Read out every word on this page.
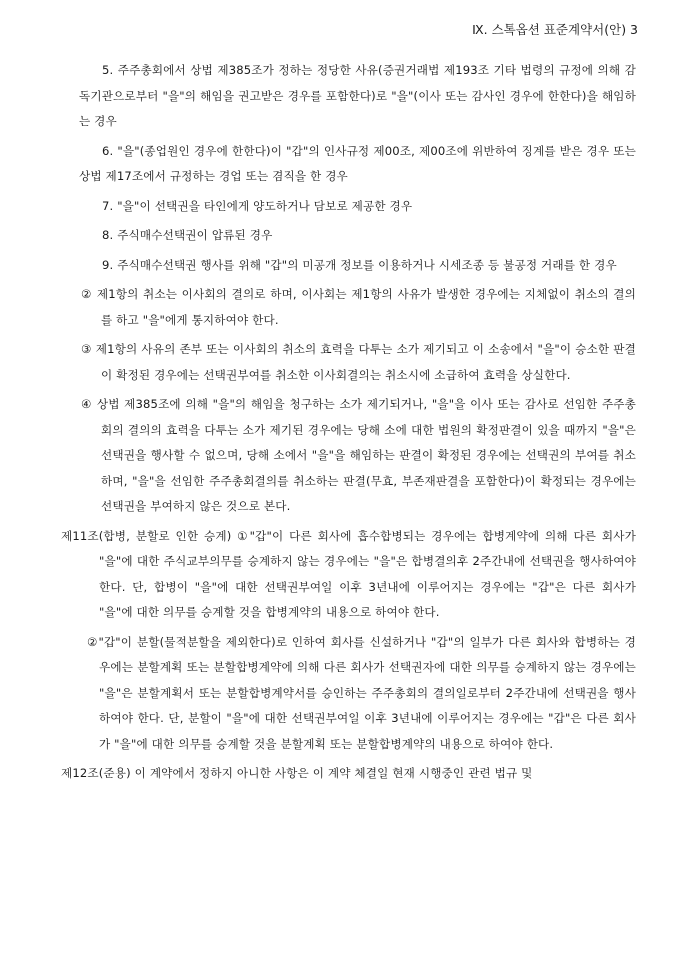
Ⅸ. 스톡옵션 표준계약서(안) 3
5. 주주총회에서 상법 제385조가 정하는 정당한 사유(증권거래법 제193조 기타 법령의 규정에 의해 감독기관으로부터 "을"의 해임을 권고받은 경우를 포함한다)로 "을"(이사 또는 감사인 경우에 한한다)을 해임하는 경우
6. "을"(종업원인 경우에 한한다)이 "갑"의 인사규정 제00조, 제00조에 위반하여 징계를 받은 경우 또는 상법 제17조에서 규정하는 경업 또는 겸직을 한 경우
7. "을"이 선택권을 타인에게 양도하거나 담보로 제공한 경우
8. 주식매수선택권이 압류된 경우
9. 주식매수선택권 행사를 위해 "갑"의 미공개 정보를 이용하거나 시세조종 등 불공정 거래를 한 경우
② 제1항의 취소는 이사회의 결의로 하며, 이사회는 제1항의 사유가 발생한 경우에는 지체없이 취소의 결의를 하고 "을"에게 통지하여야 한다.
③ 제1항의 사유의 존부 또는 이사회의 취소의 효력을 다투는 소가 제기되고 이 소송에서 "을"이 승소한 판결이 확정된 경우에는 선택권부여를 취소한 이사회결의는 취소시에 소급하여 효력을 상실한다.
④ 상법 제385조에 의해 "을"의 해임을 청구하는 소가 제기되거나, "을"을 이사 또는 감사로 선임한 주주총회의 결의의 효력을 다투는 소가 제기된 경우에는 당해 소에 대한 법원의 확정판결이 있을 때까지 "을"은 선택권을 행사할 수 없으며, 당해 소에서 "을"을 해임하는 판결이 확정된 경우에는 선택권의 부여를 취소하며, "을"을 선임한 주주총회결의를 취소하는 판결(무효, 부존재판결을 포함한다)이 확정되는 경우에는 선택권을 부여하지 않은 것으로 본다.
제11조(합병, 분할로 인한 승계) ①"갑"이 다른 회사에 흡수합병되는 경우에는 합병계약에 의해 다른 회사가 "을"에 대한 주식교부의무를 승계하지 않는 경우에는 "을"은 합병결의후 2주간내에 선택권을 행사하여야 한다. 단, 합병이 "을"에 대한 선택권부여일 이후 3년내에 이루어지는 경우에는 "갑"은 다른 회사가 "을"에 대한 의무를 승계할 것을 합병계약의 내용으로 하여야 한다.
②"갑"이 분할(물적분할을 제외한다)로 인하여 회사를 신설하거나 "갑"의 일부가 다른 회사와 합병하는 경우에는 분할계획 또는 분할합병계약에 의해 다른 회사가 선택권자에 대한 의무를 승계하지 않는 경우에는 "을"은 분할계획서 또는 분할합병계약서를 승인하는 주주총회의 결의일로부터 2주간내에 선택권을 행사하여야 한다. 단, 분할이 "을"에 대한 선택권부여일 이후 3년내에 이루어지는 경우에는 "갑"은 다른 회사가 "을"에 대한 의무를 승계할 것을 분할계획 또는 분할합병계약의 내용으로 하여야 한다.
제12조(준용) 이 계약에서 정하지 아니한 사항은 이 계약 체결일 현재 시행중인 관련 법규 및
